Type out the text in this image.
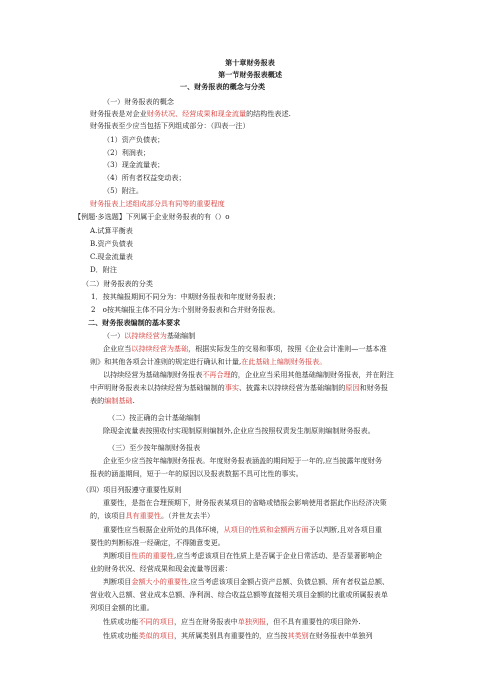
第十章财务报表
第一节财务报表概述
一、财务报表的概念与分类
（一）财务报表的概念
财务报表是对企业财务状况、经营成果和现金流量的结构性表述.
财务报表至少应当包括下列组成部分：（四表一注）
（1）资产负债表；
（2）利润表；
（3）现金流量表；
（4）所有者权益变动表；
（5）附注。
财务报表上述组成部分具有同等的重要程度
【例题·多选题】下列属于企业财务报表的有（）o
A.试算平衡表
B.资产负债表
C.现金流量表
D．附注
（二）财务报表的分类
1．按其编报期间不同分为：中期财务报表和年度财务报表；
2　o按其编报主体不同分为:个别财务报表和合并财务报表。
二、财务报表编制的基本要求
（一）以持续经营为基础编制
企业应当以持续经营为基础，根据实际发生的交易和事项，按照《企业会计准则—一基本准
则》和其他各项会计准则的规定进行确认和计量,在此基础上编制财务报表。
以持续经营为基础编制财务报表不再合理的，企业应当采用其他基础编制财务报表，并在附注
中声明财务报表未以持续经营为基础编制的事实、披露未以持续经营为基础编制的原因和财务报
表的编制基础.
（二）按正确的会计基础编制
除现金流量表按照收付实现制原则编制外,企业应当按照权责发生制原则编制财务报表。
（三）至少按年编制财务报表
企业至少应当按年编制财务报表。年度财务报表涵盖的期间短于一年的,应当披露年度财务
报表的涵盖期间，短于一年的原因以及报表数据不具可比性的事实。
（四）项目列报遵守重要性原则
重要性，是指在合理预期下，财务报表某项目的省略或错报会影响使用者据此作出经济决策
的，该项目具有重要性。（并世友去半）
重要性应当根据企业所处的具体环境，从项目的性质和金额两方面予以判断,且对各项目重
要性的判断标准一经确定，不得随意变更。
判断项目性质的重要性,应当考虑该项目在性质上是否属于企业日常活动、是否显著影响企
业的财务状况、经营成果和现金流量等因素：
判断项目金额大小的重要性,应当考虑该项目金额占资产总额、负债总额、所有者权益总额、
营业收入总额、营业成本总额、净利润、综合收益总额等直接相关项目金额的比重或所属报表单
列项目金额的比重。
性质或功能不同的项目，应当在财务报表中单独列报，但不具有重要性的项目除外.
性质或功能类似的项目，其所属类别具有重要性的，应当按其类别在财务报表中单独列
